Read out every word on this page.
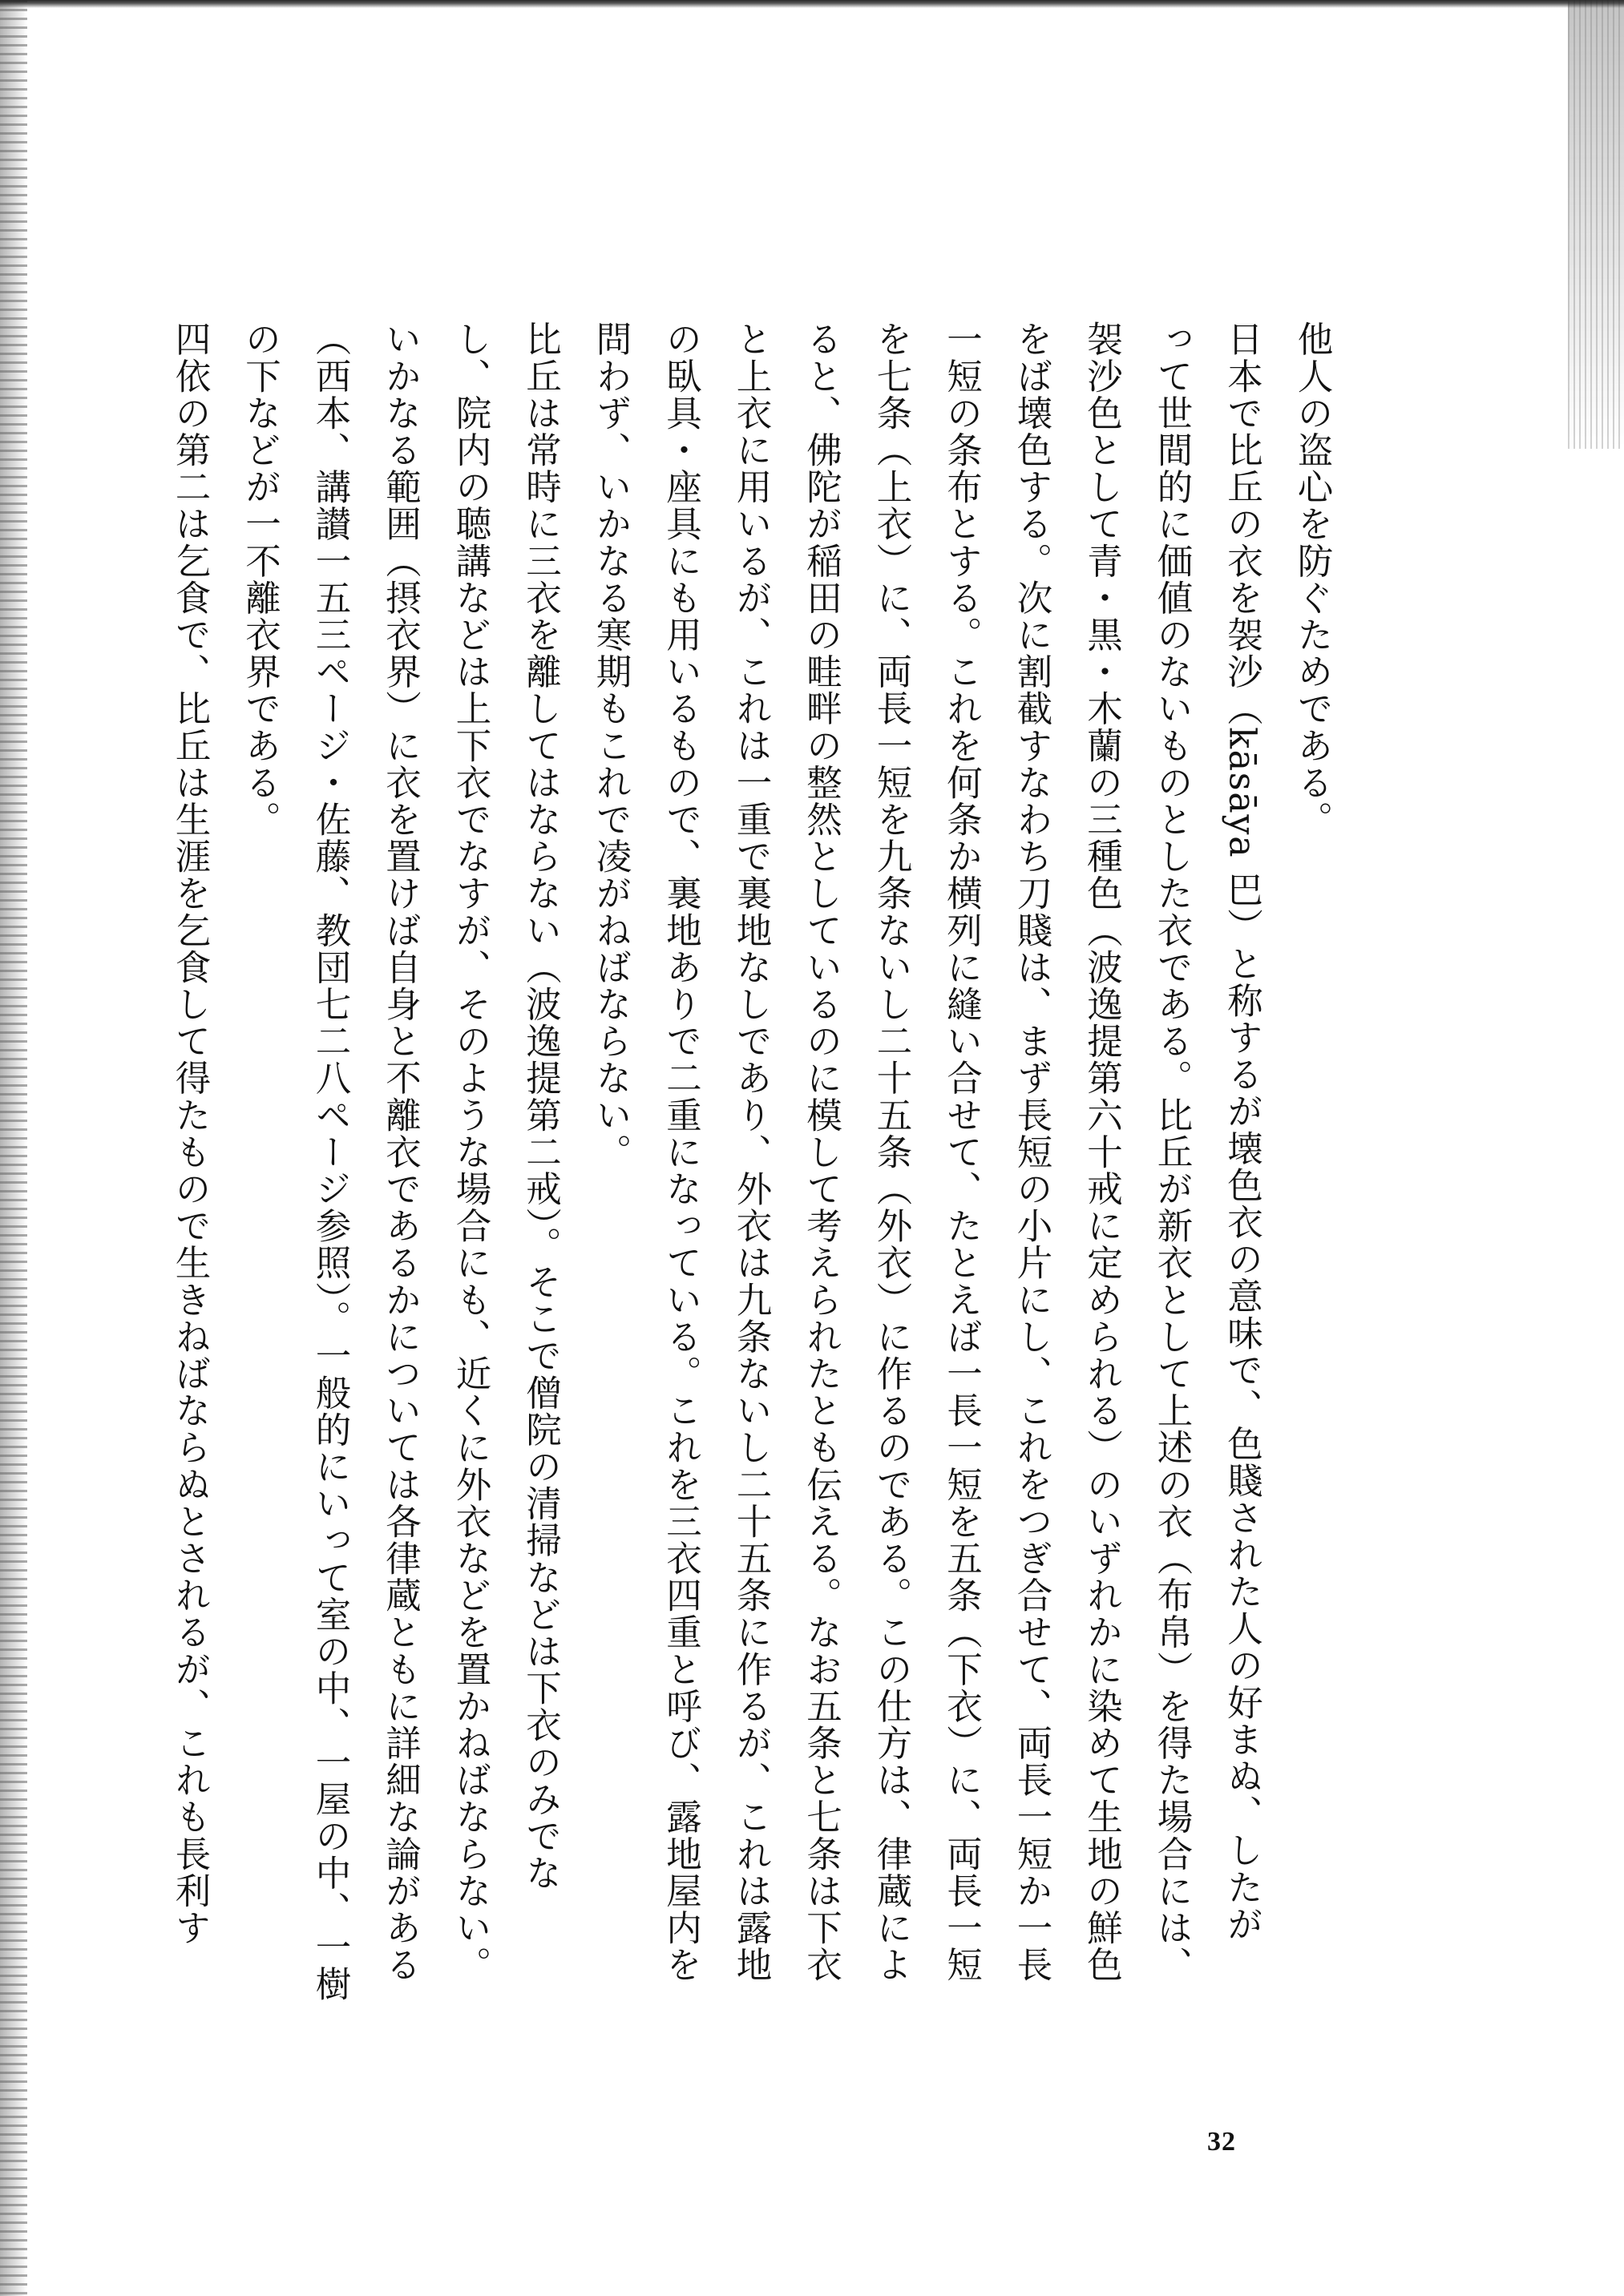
他人の盗心を防ぐためである。

日本で比丘の衣を袈沙（kāsāya 巴）と称するが壊色衣の意味で、色賤された人の好まぬ、したが

って世間的に価値のないものとした衣である。比丘が新衣として上述の衣（布帛）を得た場合には、

袈沙色として青・黒・木蘭の三種色（波逸提第六十戒に定められる）のいずれかに染めて生地の鮮色

をば壊色する。次に割截すなわち刀賤は、まず長短の小片にし、これをつぎ合せて、両長一短か一長

一短の条布とする。これを何条か横列に縫い合せて、たとえば一長一短を五条（下衣）に、両長一短

を七条（上衣）に、両長一短を九条ないし二十五条（外衣）に作るのである。この仕方は、律蔵によ

ると、佛陀が稲田の畦畔の整然としているのに模して考えられたとも伝える。なお五条と七条は下衣

と上衣に用いるが、これは一重で裏地なしであり、外衣は九条ないし二十五条に作るが、これは露地

の臥具・座具にも用いるもので、裏地ありで二重になっている。これを三衣四重と呼び、露地屋内を

問わず、いかなる寒期もこれで凌がねばならない。

比丘は常時に三衣を離してはならない（波逸提第二戒）。そこで僧院の清掃などは下衣のみでな

し、院内の聴講などは上下衣でなすが、そのような場合にも、近くに外衣などを置かねばならない。

いかなる範囲（摂衣界）に衣を置けば自身と不離衣であるかについては各律蔵ともに詳細な論がある

（西本、講讃一五三ページ・佐藤、教団七二八ページ参照）。一般的にいって室の中、一屋の中、一樹

の下などが一不離衣界である。

四依の第二は乞食で、比丘は生涯を乞食して得たもので生きねばならぬとされるが、これも長利す

32
